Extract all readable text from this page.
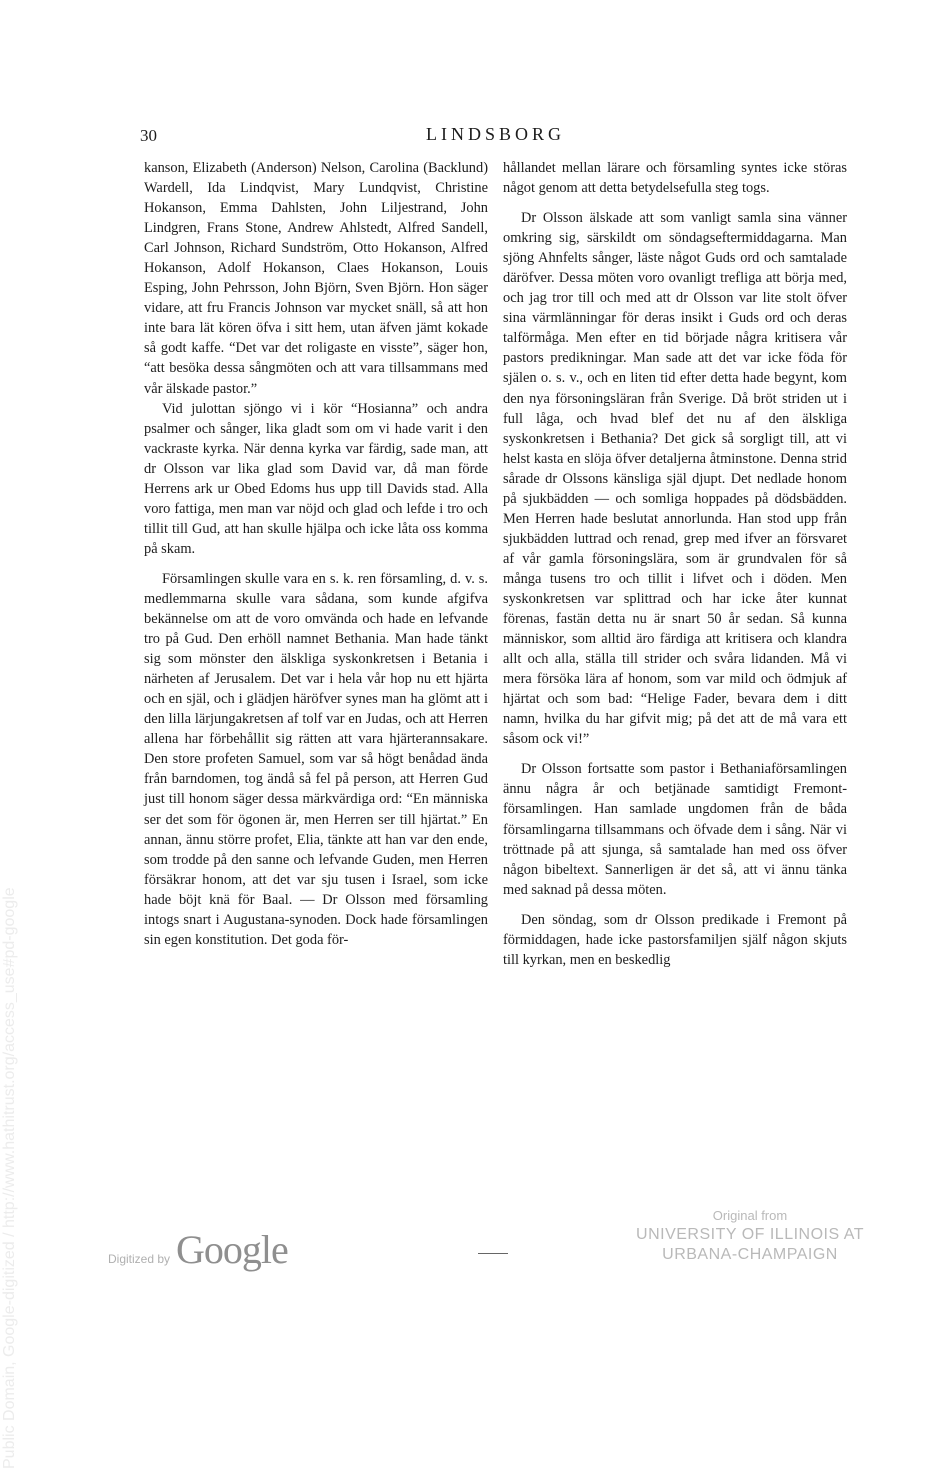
Public Domain, Google-digitized / http://www.hathitrust.org/access_use#pd-google
30	LINDSBORG

kanson, Elizabeth (Anderson) Nelson, Carolina (Backlund) Wardell, Ida Lindqvist, Mary Lundqvist, Christine Hokanson, Emma Dahlsten, John Liljestrand, John Lindgren, Frans Stone, Andrew Ahlstedt, Alfred Sandell, Carl Johnson, Richard Sundström, Otto Hokanson, Alfred Hokanson, Adolf Hokanson, Claes Hokanson, Louis Esping, John Pehrsson, John Björn, Sven Björn. Hon säger vidare, att fru Francis Johnson var mycket snäll, så att hon inte bara lät kören öfva i sitt hem, utan äfven jämt kokade så godt kaffe. “Det var det roligaste en visste”, säger hon, “att besöka dessa sångmöten och att vara tillsammans med vår älskade pastor.”

Vid julottan sjöngo vi i kör “Hosianna” och andra psalmer och sånger, lika gladt som om vi hade varit i den vackraste kyrka. När denna kyrka var färdig, sade man, att dr Olsson var lika glad som David var, då man förde Herrens ark ur Obed Edoms hus upp till Davids stad. Alla voro fattiga, men man var nöjd och glad och lefde i tro och tillit till Gud, att han skulle hjälpa och icke låta oss komma på skam.

Församlingen skulle vara en s. k. ren församling, d. v. s. medlemmarna skulle vara sådana, som kunde afgifva bekännelse om att de voro omvända och hade en lefvande tro på Gud. Den erhöll namnet Bethania. Man hade tänkt sig som mönster den älskliga syskonkretsen i Betania i närheten af Jerusalem. Det var i hela vår hop nu ett hjärta och en själ, och i glädjen häröfver synes man ha glömt att i den lilla lärjungakretsen af tolf var en Judas, och att Herren allena har förbehållit sig rätten att vara hjärterannsakare. Den store profeten Samuel, som var så högt benådad ända från barndomen, tog ändå så fel på person, att Herren Gud just till honom säger dessa märkvärdiga ord: “En människa ser det som för ögonen är, men Herren ser till hjärtat.” En annan, ännu större profet, Elia, tänkte att han var den ende, som trodde på den sanne och lefvande Guden, men Herren försäkrar honom, att det var sju tusen i Israel, som icke hade böjt knä för Baal. — Dr Olsson med församling intogs snart i Augustana-synoden. Dock hade församlingen sin egen konstitution. Det goda för-

hållandet mellan lärare och församling syntes icke störas något genom att detta betydelsefulla steg togs.

Dr Olsson älskade att som vanligt samla sina vänner omkring sig, särskildt om söndagseftermiddagarna. Man sjöng Ahnfelts sånger, läste något Guds ord och samtalade däröfver. Dessa möten voro ovanligt trefliga att börja med, och jag tror till och med att dr Olsson var lite stolt öfver sina värmlänningar för deras insikt i Guds ord och deras talförmåga. Men efter en tid började några kritisera vår pastors predikningar. Man sade att det var icke föda för själen o. s. v., och en liten tid efter detta hade begynt, kom den nya försoningsläran från Sverige. Då bröt striden ut i full låga, och hvad blef det nu af den älskliga syskonkretsen i Bethania? Det gick så sorgligt till, att vi helst kasta en slöja öfver detaljerna åtminstone. Denna strid sårade dr Olssons känsliga själ djupt. Det nedlade honom på sjukbädden — och somliga hoppades på dödsbädden. Men Herren hade beslutat annorlunda. Han stod upp från sjukbädden luttrad och renad, grep med ifver an försvaret af vår gamla försoningslära, som är grundvalen för så många tusens tro och tillit i lifvet och i döden. Men syskonkretsen var splittrad och har icke åter kunnat förenas, fastän detta nu är snart 50 år sedan. Så kunna människor, som alltid äro färdiga att kritisera och klandra allt och alla, ställa till strider och svåra lidanden. Må vi mera försöka lära af honom, som var mild och ödmjuk af hjärtat och som bad: “Helige Fader, bevara dem i ditt namn, hvilka du har gifvit mig; på det att de må vara ett såsom ock vi!”

Dr Olsson fortsatte som pastor i Bethaniaförsamlingen ännu några år och betjänade samtidigt Fremont-församlingen. Han samlade ungdomen från de båda församlingarna tillsammans och öfvade dem i sång. När vi tröttnade på att sjunga, så samtalade han med oss öfver någon bibeltext. Sannerligen är det så, att vi ännu tänka med saknad på dessa möten.

Den söndag, som dr Olsson predikade i Fremont på förmiddagen, hade icke pastorsfamiljen själf någon skjuts till kyrkan, men en beskedlig

Digitized by Google
Original from
UNIVERSITY OF ILLINOIS AT
URBANA-CHAMPAIGN
